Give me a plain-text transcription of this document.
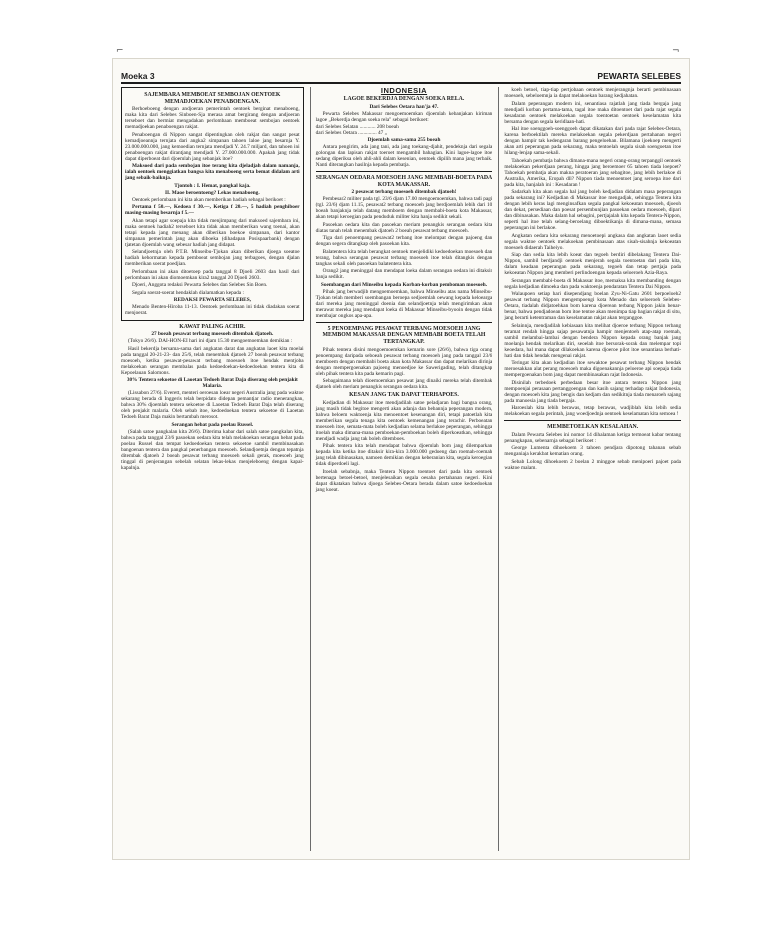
⌐	¬
Moeka 3	PEWARTA SELEBES
SAJEMBARA MEMBOEAT SEMBOJAN OENTOEK MEMADJOEKAN PENABOENGAN.

Berhoeboeng dengan andjoeran pemerintah oentoek berginat menaboeng, maka kita dari Selebes Sinboen-Sja merasa amat bergirang dengan andjoeran terseboet dan bermiat mengadakan perlombaan memboeat sembojan oentoek memadjoekan penaboengan rakjat.

Penaboengan di Nippon sangat dipentingkan oleh rakjat dan sangat pesat kemadjoeannja ternjata dari angka2 simpanan tahoen laloe jang besarnja Y. 23.000.000.000, jang kemoedian ternjata mendjadi Y. 24.7 miljard, dan tahoen ini penaboengan rakjat dirantjang mendjadi Y. 27.000.000.000. Apakah jang tidak dapat diperboeat dari djoemlah jang sebanjak itoe?

Maksoed dari pada sembojan itoe terang kita djeladjah dalam namanja, ialah oentoek menggiatkan bangsa kita menaboeng serta bemat didalam arti jang sebaik-baiknja.

Tjontoh : I. Hemat, pangkal kaja.
II. Maoe beroentoeng? Lekas menaboeng.

Oentoek perlombaan ini kita akan memberikan hadiah sebagai berikoet :

Pertama f 50.—, Kedoea f 30.—, Ketiga f 20.—, 5 hadiah penghiboer masing-masing besarnja f 5.—

Akan tetapi agar soepaja kita tidak menjimpang dari maksoed sajembara ini, maka oentoek hadiah2 terseboet kita tidak akan memberikan wang toenai, akan tetapi kepada jang menang akan diberikan boekoe simpanan, dari kantor simpanan pemerintah jang akan diboeka (dihadapan Posispaarbank) dengan tjatetan djoemlah wang sebesar hadiah jang didapat.

Selandjoetnja oleh P.T.B. Minseibu-Tjokan akan diberikan djoega soeatoe hadiah kehormatan kepada pemboeat sembojan jang terbagoes, dengan djalan memberikan soerat poedjian.

Perlombaan ini akan ditoetoep pada tanggal 8 Djoeli 2603 dan hasil dari perlombaan ini akan diomoemkan kira2 tanggal 20 Djoeli 2603.

Djoeri, Anggota redaksi Pewarta Selebes dan Selebes Sin Boen.

Segala soerat-soerat hendaklah dialamatkan kepada :

REDAKSI PEWARTA SELEBES,

Menado Benten-Hiroba 11-13. Oentoek perlombaan ini tidak diadakan soerat menjoerat.

KAWAT PALING ACHIR.
27 boeah pesawat terbang moesoeh ditembak djatoeh.

(Tokyo 26/6). DAI-HON-EI hari ini djam 15.30 mengoemoemkan demikian :

Hasil bekerdja bersama-sama dari angkatan darat dan angkatan laoet kita moelai pada tanggal 20-21-23- dan 25/6, telah menembak djatoeh 27 boeah pesawat terbang moesoeh, ketika pesawat-pesawat terbang moesoeh itoe hendak mentjoba melakoekan serangan membalas pada kedoedoekan-kedoedoekan tentera kita di Kepoelauan Salomons.

30% Tentera sekoetoe di Laoetan Tedoeh Barat Daja diserang oleh penjakit Malaria.

(Lissabon 27/6). Everett, menteri oeroesan loear negeri Australia jang pada waktoe sekarang berada di Inggeris telah berpidato didepan pemantjar radio menerangkan, bahwa 30% djoemlah tentera sekoetoe di Laoetan Tedoeh Barat Daja telah diserang oleh penjakit malaria. Oleh sebab itoe, kedoedoekan tentera sekoetoe di Laoetan Tedoeh Barat Daja makin bertambah merosot.

Serangan hebat pada poelau Russel.

(Salah satoe pangkalan kita 26/6). Diterima kabar dari salah satoe pangkalan kita, bahwa pada tanggal 23/6 pasoekan oedara kita telah melakoekan serangan hebat pada poelau Russel dan tempat kedoedoekan tentera sekoetoe sambil membinasakan bangoenan tentera dan pangkal penerbangan moesoeh. Selandjoetnja dengan tepatnja ditembak djatoeh 2 boeah pesawat terbang moesoeh sekali gerak, moesoeh jang tinggal di penjerangan sebelah selatan lekas-lekas menjeleboeng dengan kapal-kapalnja.

INDONESIA
LAGOE BEKERDJA DENGAN SOEKA RELA.
Dari Selebes Oetara han'ja 47.

Pewarta Selebes Makassar mengoemoemkan djoemlah kebanjakan kiriman lagoe „Bekerdja dengan soeka rela" sebagai berikoet:

dari Selebes Selatan ............ 208 boeah
dari Selebes Oetara .............. 47 „
Djoemlah sama-sama 255 boeah

Antara pengirim, ada jang tani, ada jang toekang-djahit, pendeknja dari segala golongan dan lapisan rakjat toeroet mengambil bahagian. Kini lagoe-lagoe itoe sedang diperiksa oleh ahli-ahli dalam kesenian, oentoek dipilih mana jang terbaik. Nanti diterangkan hasilnja kepada pembatja.

SERANGAN OEDARA MOESOEH JANG MEMBABI-BOETA PADA KOTA MAKASSAR.
2 pesawat terbang moesoeh ditembak djatoeh!

Pembesar2 militer pada tgl. 23/6 djam 17.00 mengoemoemkan, bahwa tadi pagi (tgl. 23/6) djam 11.15, pesawat2 terbang moesoeh jang berdjoemlah lebih dari 10 boeah banjaknja telah datang memboem dengan membabi-boeta kota Makassar, akan tetapi keroegian pada penduduk militer kita hanja sedikit sekali.

Pasoekan oedara kita dan pasoekan meriam penangkis serangan oedara kita diatas tanah telah menembak djatoeh 2 boeah pesawat terbang moesoeh.

Tiga dari penoempang pesawat2 terbang itoe melompat dengan pajoeng dan dengan segera ditangkap oleh pasoekan kita.

Balatentera kita telah berangkat oentoek menjelidiki kedoedoekan moesoeh dan terang, bahwa serangan pesawat terbang moesoeh itoe telah ditangkis dengan tangkas sekali oleh pasoekan balatentera kita.

Orang2 jang meninggal dan mendapat loeka dalam serangan oedara ini ditaksir hanja sedikit.

Soembangan dari Minseibu kepada Korban-korban pemboman moesoeh.

Pihak jang berwadjib mengoemoemkan, bahwa Minseibu atas nama Minseibu-Tjokan telah memberi soembangan beroepa sedjoemlah oewang kepada keloearga dari mereka jang meninggal doenia dan selandjoetnja telah mengirimkan akan merawat mereka jang mendapat loeka di Makassar Minseibu-byooin dengan tidak membajar ongkos apa-apa.

5 PENOEMPANG PESAWAT TERBANG MOESOEH JANG MEMBOM MAKASSAR DENGAN MEMBABI BOETA TELAH TERTANGKAP.

Pihak tentera disini mengoemoemkan kemarin sore (26/6), bahwa tiga orang penoempang daripada seboeah pesawat terbang moesoeh jang pada tanggal 23/6 memboem dengan membabi boeta akan kota Makassar dan dapat melarikan dirinja dengan mempergoenakan pajoeng menoedjoe ke Sawerigading, telah ditangkap oleh pihak tentera kita pada kemarin pagi.

Sebagaimana telah dioemoemkan pesawat jang dinaiki mereka telah ditembak djatoeh oleh meriam penangkis serangan oedara kita.

KESAN JANG TAK DAPAT TERHAPOES.

Kedjadian di Makassar itoe mendjadilah satoe peladjaran bagi bangsa orang, jang masih tidak begitoe mengerti akan adanja dan bebannja peperangan modern, bahwa beloem waktoenja kita menoentoet kesenangan diri, tetapi patoetlah kita memberikan segala tenaga kita oentoek kemenangan jang terachir. Perboeatan moesoeh itoe, semata-mata boleh kedjadian selama berlakoe peperangan, sehingga itoelah maka dimana-mana pemboekan-pemboekan boleh diperkoeatkan, sehingga mendjadi wadja jang tak boleh ditemboes.

Pihak tentera kita telah mendapat bahwa djoemlah bom jang dilemparkan kepada kita ketika itoe ditaksir kira-kira 3.000.000 gedoeng dan roemah-roemah jang telah dibinasakan, namoen demikian dengan keberanian kita, segala keroegian tidak diperdoeli lagi.

Itoelah sebabnja, maka Tentera Nippon toentoet dari pada kita oentoek bertenaga betoel-betoel, menjelesaikan segala oesaha pertahanan negeri. Kini dapat dikatakan bahwa djoega Selebes-Oetara berada dalam satoe kedoedoekan jang koeat.

koeh betoel, tiap-tiap pertjobaan oentoek menjerangnja berarti pembinasaan moesoeh, sebeloemnja ia dapat melakoekan barang kedjahatan.

Dalam peperangan modern ini, senantiasa rajatlah jang tiada bergaja jang mendjadi korban pertama-tama, tagal itoe maka ditoentoet dari pada rajat segala kesadaran oentoek melakoekan segala toentoetan oentoek keselamatan kita bersama dengan segala keridlaan-hati.

Hal itoe soenggoeh-soenggoeh dapat dikatakan dari pada rajat Selebes-Oetara, karena berboektilah mereka melakoekan segala pekerdjaan pertahanan negeri dengan hampir tak kedengaran barang pengeloehan. Bilamana ijoekoep mengerti akan arti peperangan pada sekarang, maka tentoelah segala sisah soengoetan itoe hilang-lenjap sama-sekali.

Tahoekah pembatja bahwa dimana-mana negeri orang-orang terpanggil oentoek melakoekan pekerdjaan perang, hingga jang beroemoer 65 tahoen tiada loepoet? Tahoekah pembatja akan makna peratoeran jang sebagitoe, jang lebih berlakoe di Australia, Amerika, Eropah dll? Nippon tiada menoentoet jang seroepa itoe dari pada kita, hanjalah ini : Kesadaran !

Sadarkah kita akan segala hal jang boleh kedjadian didalam masa peperangan pada sekarang ini? Kedjadian di Makassar itoe mengadjak, sehingga Tentera kita dengan lebih keras lagi menginsafkan segala pangkal kekoeatan moesoeh, djoeoh dan dekat, persediaan dan poesat persembunjian pasoekan oedara moesoeh, dipari dan dibinasakan. Maka dalam hal sebagini, pertjajalah kita kepada Tentera-Nippon, seperti hal itoe telah selang-beroelang diboektikanja di dimana-mana, semasa peperangan ini berlakoe.

Angkatan oedara kita sekarang menoetoepi angkasa dan angkatan laoet sedia segala waktoe oentoek melakoekan pembinasaan atas sisah-sisahnja kekoeatan moesoeh didaerah Taiheiyo.

Siap dan sedia kita lebih koeat dan tegoeh berdiri dibelakang Tentera Dai-Nippon, sambil berdjandji oentoek menjerah segala toentoetan dari pada kita, dalam keadaan peperangan pada sekarang, tegoeh dan tetap pertjaja pada kekoeatan Nippon jang memberi perlindoengan kepada seloeroeh Azia-Raya.

Serangan membabi-boeta di Makassar itoe, memaksa kita membanding dengan segala kedjadian dimoeka dan pada waktoenja pendaratan Tentera Dai Nippon.

Walaupoen setiap hari disependjang boelan Zyu-Ni-Gatu 2601 berpoeloeh2 pesawat terbang Nippon mengempoengi kota Menado dan seloeroeh Selebes-Oetara, tiadalah didjatoehkan bom karena djoerean terbang Nippon jakin benar-benar, bahwa pendjadoean bom itoe tentoe akan menimpa tiap bagian rakjat di situ, jang berarti ketentraman dan keselamatan rakjat akan terganggoe.

Selainnja, mendjadilah kebiasaan kita melihat djoeroe terbang Nippon terbang teramat rendah hingga sajap pesawatnja hampir menjentoeh atap-atap roemah, sambil melambai-lambai dengan bendera Nippon kepada orang banjak jang moelanja hendak melarikan diri, seoelah itoe bersorak-sorak dan melempar topi keoedara, hal mana dapat dilakoekan karena djoeroe pilot itoe senantiasa berhati-hati dan tidak hendak mengenai rakjat.

Teringat kita akan kedjadian itoe sewaktoe pesawat terbang Nippon hendak meroesakkan alat perang moesoeh maka digoenakannja peloeroe api soepaja tiada mempergoenakan bom jang dapat membinasakan rajat Indonesia.

Disinilah terbedoek perbedaan besar itoe antara tentera Nippon jang mempoenjai perasaan pertanggoengan dan kasih sajang terhadap rakjat Indonesia, dengan moesoeh kita jang bengis dan kedjam dan sedikitnja tiada menaroeh sajang pada manoesia jang tiada bergaja.

Haroeslah kita lebih berawas, tetap berawas, wadjiblah kita lebih sedia melakoekan segala perintah, jang woedjoednja oentoek keselamatan kita semoea !

MEMBETOELKAN KESALAHAN.

Dalam Pewarta Selebes ini nomor 14 dihalaman ketiga termoeat kabar tentang penangkapan, sebenarnja sebagai berikoet :

George Lumenta dihoekoem 3 tahoen pendjara dipotong tahanan sebab menganiaja kerakbat kematian orang.

Sebab Lolong dihoekoem 2 boelan 2 minggoe sebab menipoeri pajoet pada waktoe malam.
